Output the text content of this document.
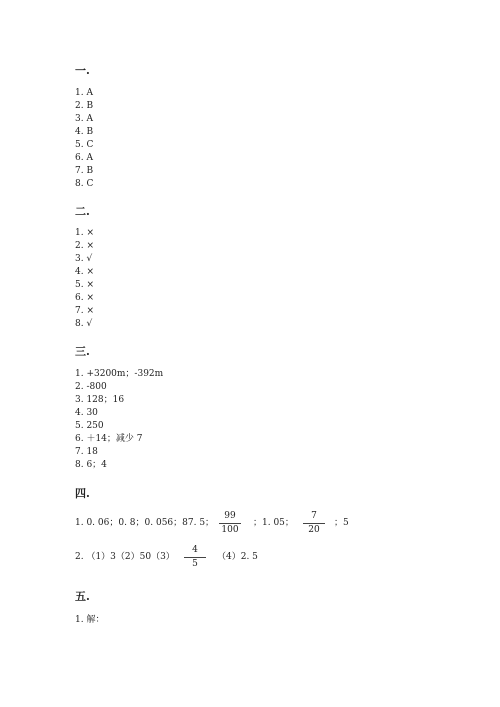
一.
1. A
2. B
3. A
4. B
5. C
6. A
7. B
8. C
二.
1. ×
2. ×
3. √
4. ×
5. ×
6. ×
7. ×
8. √
三.
1. +3200m；-392m
2. -800
3. 128；16
4. 30
5. 250
6. ＋14；减少 7
7. 18
8. 6；4
四.
1. 0. 06；0. 8；0. 056；87. 5；
99
100
；1. 05；
7
20
；5
2. （1）3（2）50（3）
4
5
（4）2. 5
五.
1. 解：
